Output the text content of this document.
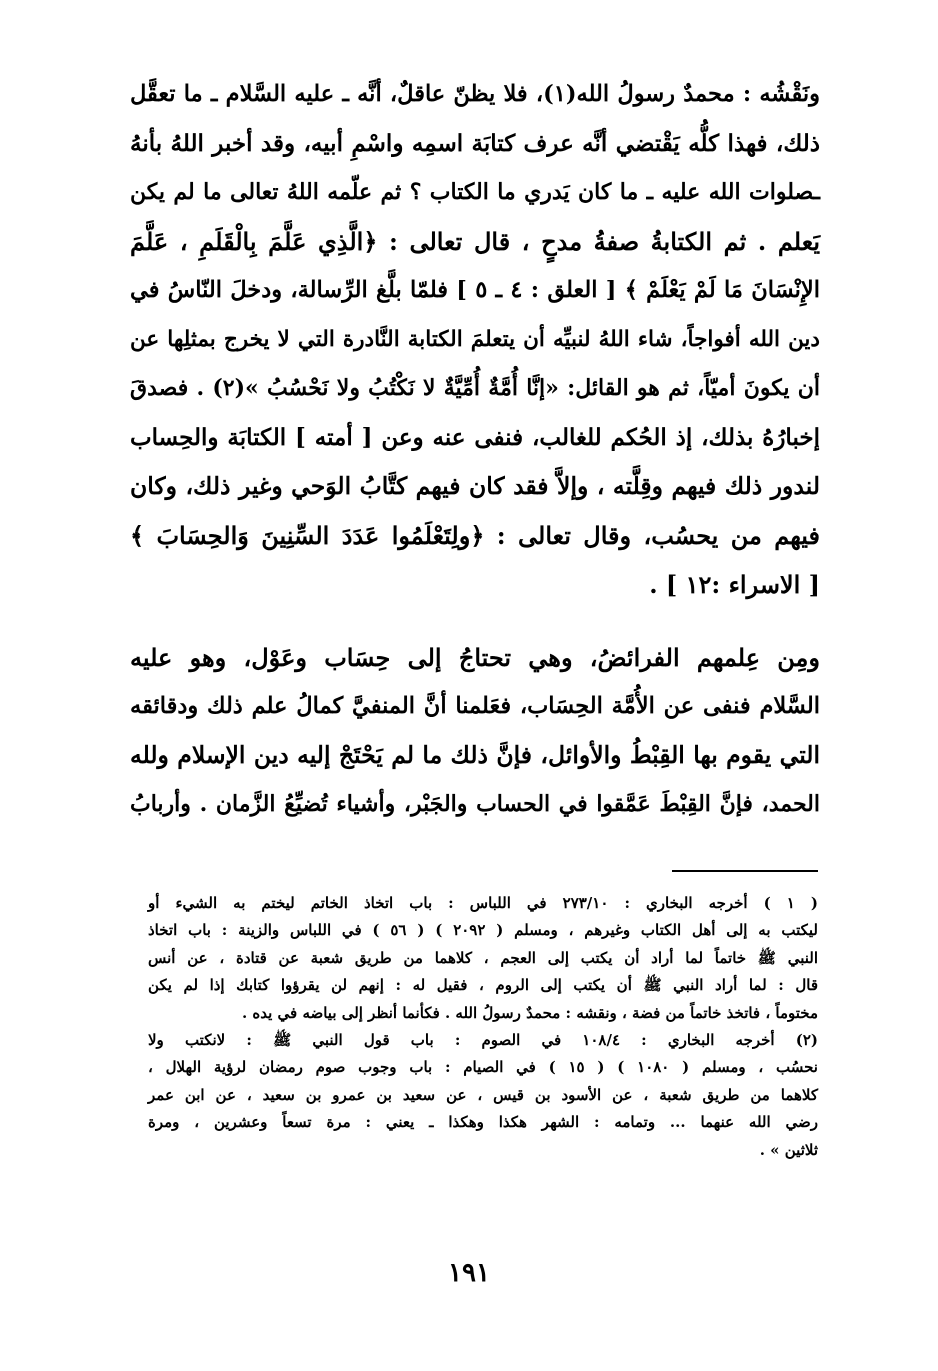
ونَقْشُه : محمدٌ رسولُ الله(١)، فلا يظنّ عاقلٌ، أنَّه ـ عليه السَّلام ـ ما تعقَّل
ذلك، فهذا كلُّه يَقْتضي أنَّه عرف كتابَة اسمِه واسْمِ أبيه، وقد أخبر اللهُ بأنهُ
ـصلوات الله عليه ـ ما كان يَدري ما الكتاب ؟ ثم علّمه اللهُ تعالى ما لم يكن
يَعلم . ثم الكتابةُ صفةُ مدحٍ ، قال تعالى : ﴿الَّذِي عَلَّمَ بِالْقَلَمِ ، عَلَّمَ
الإِنْسَانَ مَا لَمْ يَعْلَمْ ﴾ [ العلق : ٤ ـ ٥ ] فلمّا بلَّغ الرِّسالة، ودخلَ النّاسُ في
دين الله أفواجاً، شاء اللهُ لنبيِّه أن يتعلمَ الكتابة النَّادرة التي لا يخرج بمثلِها عن
أن يكونَ أميّاً، ثم هو القائل: «إنَّا أُمَّةٌ أُمِّيَّةٌ لا نَكْتُبُ ولا نَحْسُبُ »(٢) . فصدقَ
إخبارُهُ بذلك، إذ الحُكم للغالب، فنفى عنه وعن [ أمته ] الكتابَة والحِساب
لندور ذلك فيهم وقِلَّته ، وإلاَّ فقد كان فيهم كتَّابُ الوَحي وغير ذلك، وكان
فيهم من يحسُب، وقال تعالى : ﴿ولِتَعْلَمُوا عَدَدَ السِّنِينَ وَالحِسَابَ ﴾
[ الاسراء :١٢ ] .
ومِن عِلمهم الفرائضُ، وهي تحتاجُ إلى حِسَاب وعَوْل، وهو عليه
السَّلام فنفى عن الأُمَّة الحِسَاب، فعَلمنا أنَّ المنفيَّ كمالُ علم ذلك ودقائقه
التي يقوم بها القِبْطُ والأوائل، فإنَّ ذلك ما لم يَحْتَجْ إليه دين الإسلام ولله
الحمد، فإنَّ القِبْطَ عَمَّقوا في الحساب والجَبْر، وأشياء تُضيِّعُ الزَّمان . وأربابُ
( ١ ) أخرجه البخاري : ٢٧٣/١٠ في اللباس : باب اتخاذ الخاتم ليختم به الشيء أو
ليكتب به إلى أهل الكتاب وغيرهم ، ومسلم ( ٢٠٩٢ ) ( ٥٦ ) في اللباس والزينة : باب اتخاذ
النبي ﷺ خاتماً لما أراد أن يكتب إلى العجم ، كلاهما من طريق شعبة عن قتادة ، عن أنس
قال : لما أراد النبي ﷺ أن يكتب إلى الروم ، فقيل له : إنهم لن يقرؤوا كتابك إذا لم يكن
مختوماً ، فاتخذ خاتماً من فضة ، ونقشه : محمدٌ رسولُ الله . فكأنما أنظر إلى بياضه في يده .
(٢) أخرجه البخاري : ١٠٨/٤ في الصوم : باب قول النبي ﷺ : لانكتب ولا
نحسُب ، ومسلم ( ١٠٨٠ ) ( ١٥ ) في الصيام : باب وجوب صوم رمضان لرؤية الهلال ،
كلاهما من طريق شعبة ، عن الأسود بن قيس ، عن سعيد بن عمرو بن سعيد ، عن ابن عمر
رضي الله عنهما ... وتمامه : الشهر هكذا وهكذا ـ يعني : مرة تسعاً وعشرين ، ومرة
ثلاثين » .
١٩١
